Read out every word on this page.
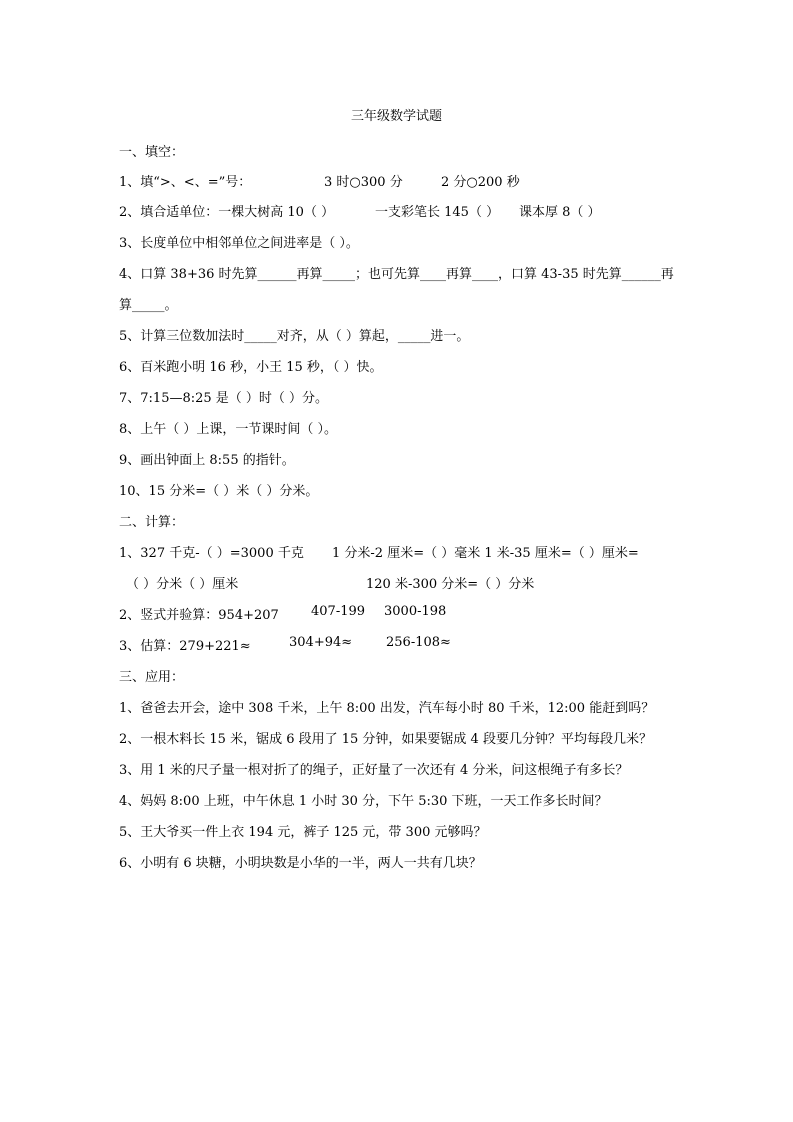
三年级数学试题
一、填空：
1、填“>、<、=”号：	3 时○300 分	2 分○200 秒
2、填合适单位：一棵大树高 10（ ）	一支彩笔长 145（ ） 课本厚 8（ ）
3、长度单位中相邻单位之间进率是（ ）。
4、口算 38+36 时先算______再算_____；也可先算____再算____，口算 43-35 时先算______再
算_____。
5、计算三位数加法时_____对齐，从（ ）算起，_____进一。
6、百米跑小明 16 秒，小王 15 秒，（ ）快。
7、7:15—8:25 是（ ）时（ ）分。
8、上午（ ）上课，一节课时间（ ）。
9、画出钟面上 8:55 的指针。
10、15 分米=（ ）米（ ）分米。
二、计算：
1、327 千克-（ ）=3000 千克 1 分米-2 厘米=（ ）毫米 1 米-35 厘米=（ ）厘米=
（ ）分米（ ）厘米	120 米-300 分米=（ ）分米
2、竖式并验算：954+207 407-199 3000-198
3、估算：279+221≈	304+94≈	256-108≈
三、应用：
1、爸爸去开会，途中 308 千米，上午 8:00 出发，汽车每小时 80 千米，12:00 能赶到吗？
2、一根木料长 15 米，锯成 6 段用了 15 分钟，如果要锯成 4 段要几分钟？平均每段几米？
3、用 1 米的尺子量一根对折了的绳子，正好量了一次还有 4 分米，问这根绳子有多长？
4、妈妈 8:00 上班，中午休息 1 小时 30 分，下午 5:30 下班，一天工作多长时间？
5、王大爷买一件上衣 194 元，裤子 125 元，带 300 元够吗？
6、小明有 6 块糖，小明块数是小华的一半，两人一共有几块？
